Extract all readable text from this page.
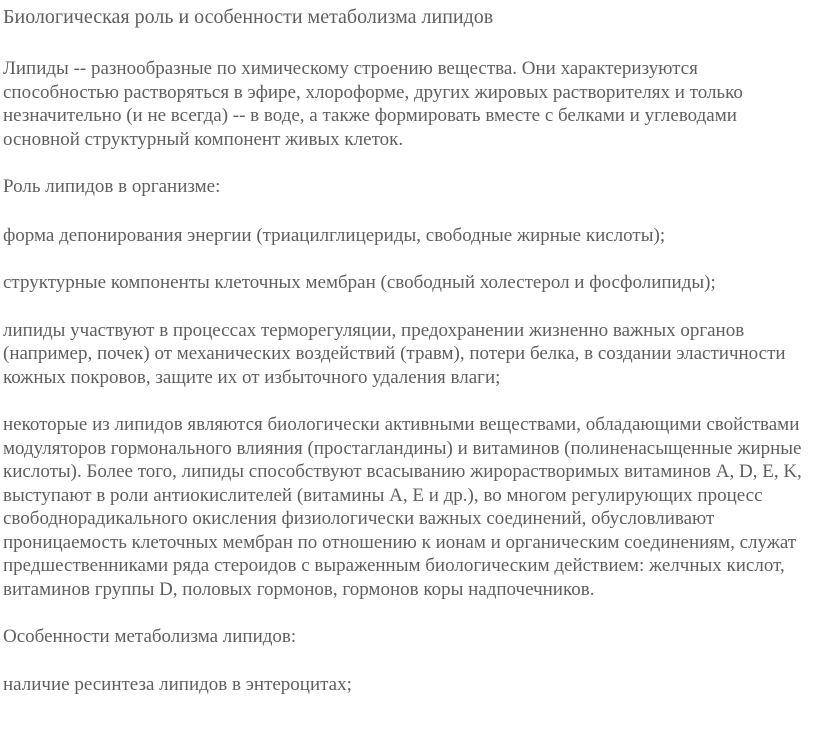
Биологическая роль и особенности метаболизма липидов

Липиды -- разнообразные по химическому строению вещества. Они характеризуются способностью растворяться в эфире, хлороформе, других жировых растворителях и только незначительно (и не всегда) -- в воде, а также формировать вместе с белками и углеводами основной структурный компонент живых клеток.

Роль липидов в организме:

форма депонирования энергии (триацилглицериды, свободные жирные кислоты);

структурные компоненты клеточных мембран (свободный холестерол и фосфолипиды);

липиды участвуют в процессах терморегуляции, предохранении жизненно важных органов (например, почек) от механических воздействий (травм), потери белка, в создании эластичности кожных покровов, защите их от избыточного удаления влаги;

некоторые из липидов являются биологически активными веществами, обладающими свойствами модуляторов гормонального влияния (простагландины) и витаминов (полиненасыщенные жирные кислоты). Более того, липиды способствуют всасыванию жирорастворимых витаминов A, D, E, K, выступают в роли антиокислителей (витамины А, Е и др.), во многом регулирующих процесс свободнорадикального окисления физиологически важных соединений, обусловливают проницаемость клеточных мембран по отношению к ионам и органическим соединениям, служат предшественниками ряда стероидов с выраженным биологическим действием: желчных кислот, витаминов группы D, половых гормонов, гормонов коры надпочечников.

Особенности метаболизма липидов:

наличие ресинтеза липидов в энтероцитах;
